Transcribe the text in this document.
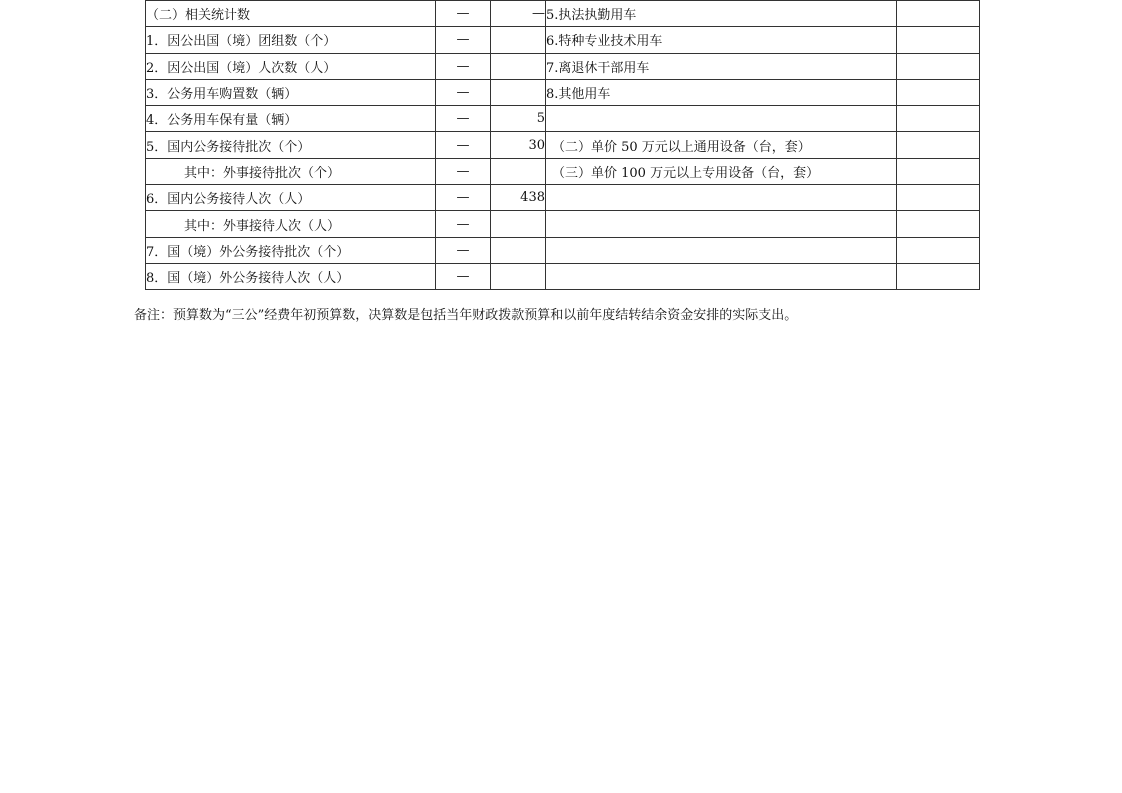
（二）相关统计数	—	—	5.执法执勤用车	
1．因公出国（境）团组数（个）	—		6.特种专业技术用车	
2．因公出国（境）人次数（人）	—		7.离退休干部用车	
3．公务用车购置数（辆）	—		8.其他用车	
4．公务用车保有量（辆）	—	5		
5．国内公务接待批次（个）	—	30	（二）单价 50 万元以上通用设备（台，套）	
其中：外事接待批次（个）	—		（三）单价 100 万元以上专用设备（台，套）	
6．国内公务接待人次（人）	—	438		
其中：外事接待人次（人）	—			
7．国（境）外公务接待批次（个）	—			
8．国（境）外公务接待人次（人）	—			
备注：预算数为“三公”经费年初预算数，决算数是包括当年财政拨款预算和以前年度结转结余资金安排的实际支出。
